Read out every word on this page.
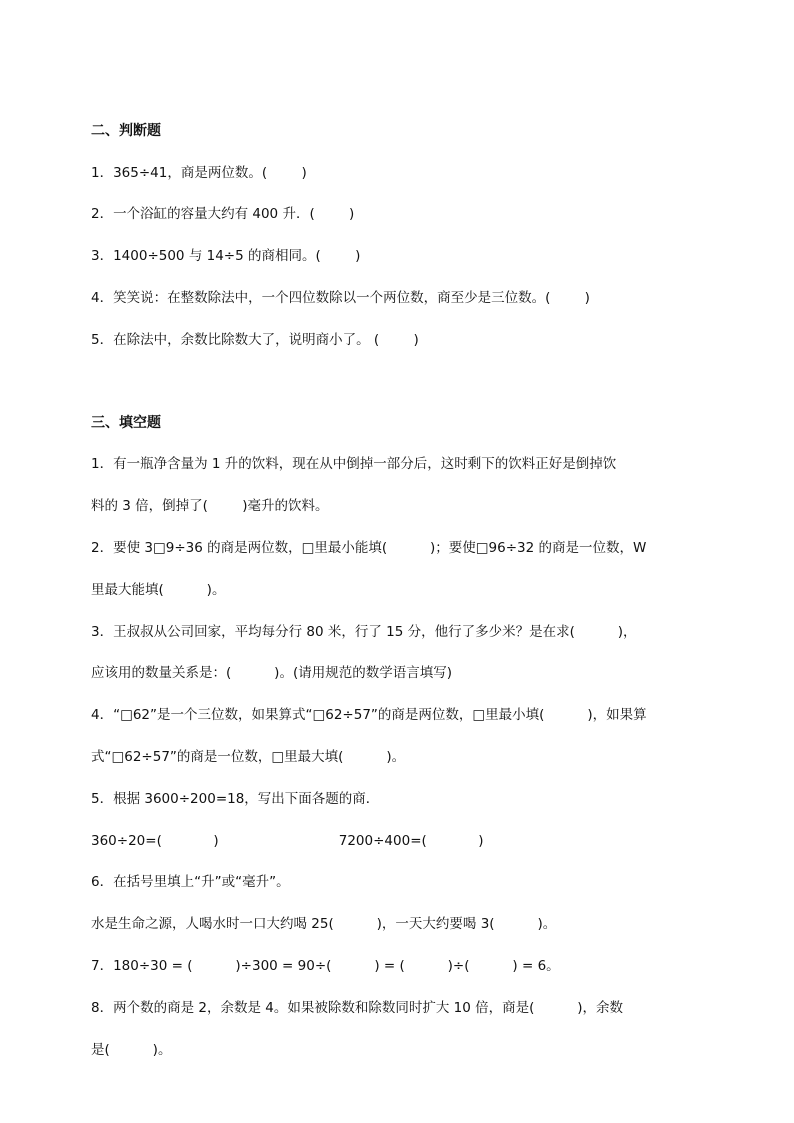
二、判断题
1．365÷41，商是两位数。(        )
2．一个浴缸的容量大约有 400 升．(        )
3．1400÷500 与 14÷5 的商相同。(        )
4．笑笑说：在整数除法中，一个四位数除以一个两位数，商至少是三位数。(        )
5．在除法中，余数比除数大了，说明商小了。 (        )
三、填空题
1．有一瓶净含量为 1 升的饮料，现在从中倒掉一部分后，这时剩下的饮料正好是倒掉饮
料的 3 倍，倒掉了(        )毫升的饮料。
2．要使 3□9÷36 的商是两位数，□里最小能填(          )；要使□96÷32 的商是一位数，W
里最大能填(          )。
3．王叔叔从公司回家，平均每分行 80 米，行了 15 分，他行了多少米？是在求(          )，
应该用的数量关系是：(          )。(请用规范的数学语言填写)
4．“□62”是一个三位数，如果算式“□62÷57”的商是两位数，□里最小填(          )，如果算
式“□62÷57”的商是一位数，□里最大填(          )。
5．根据 3600÷200=18，写出下面各题的商．
360÷20=(            )                            7200÷400=(            )
6．在括号里填上“升”或“毫升”。
水是生命之源，人喝水时一口大约喝 25(          )，一天大约要喝 3(          )。
7．180÷30 = (          )÷300 = 90÷(          ) = (          )÷(          ) = 6。
8．两个数的商是 2，余数是 4。如果被除数和除数同时扩大 10 倍，商是(          )，余数
是(          )。
